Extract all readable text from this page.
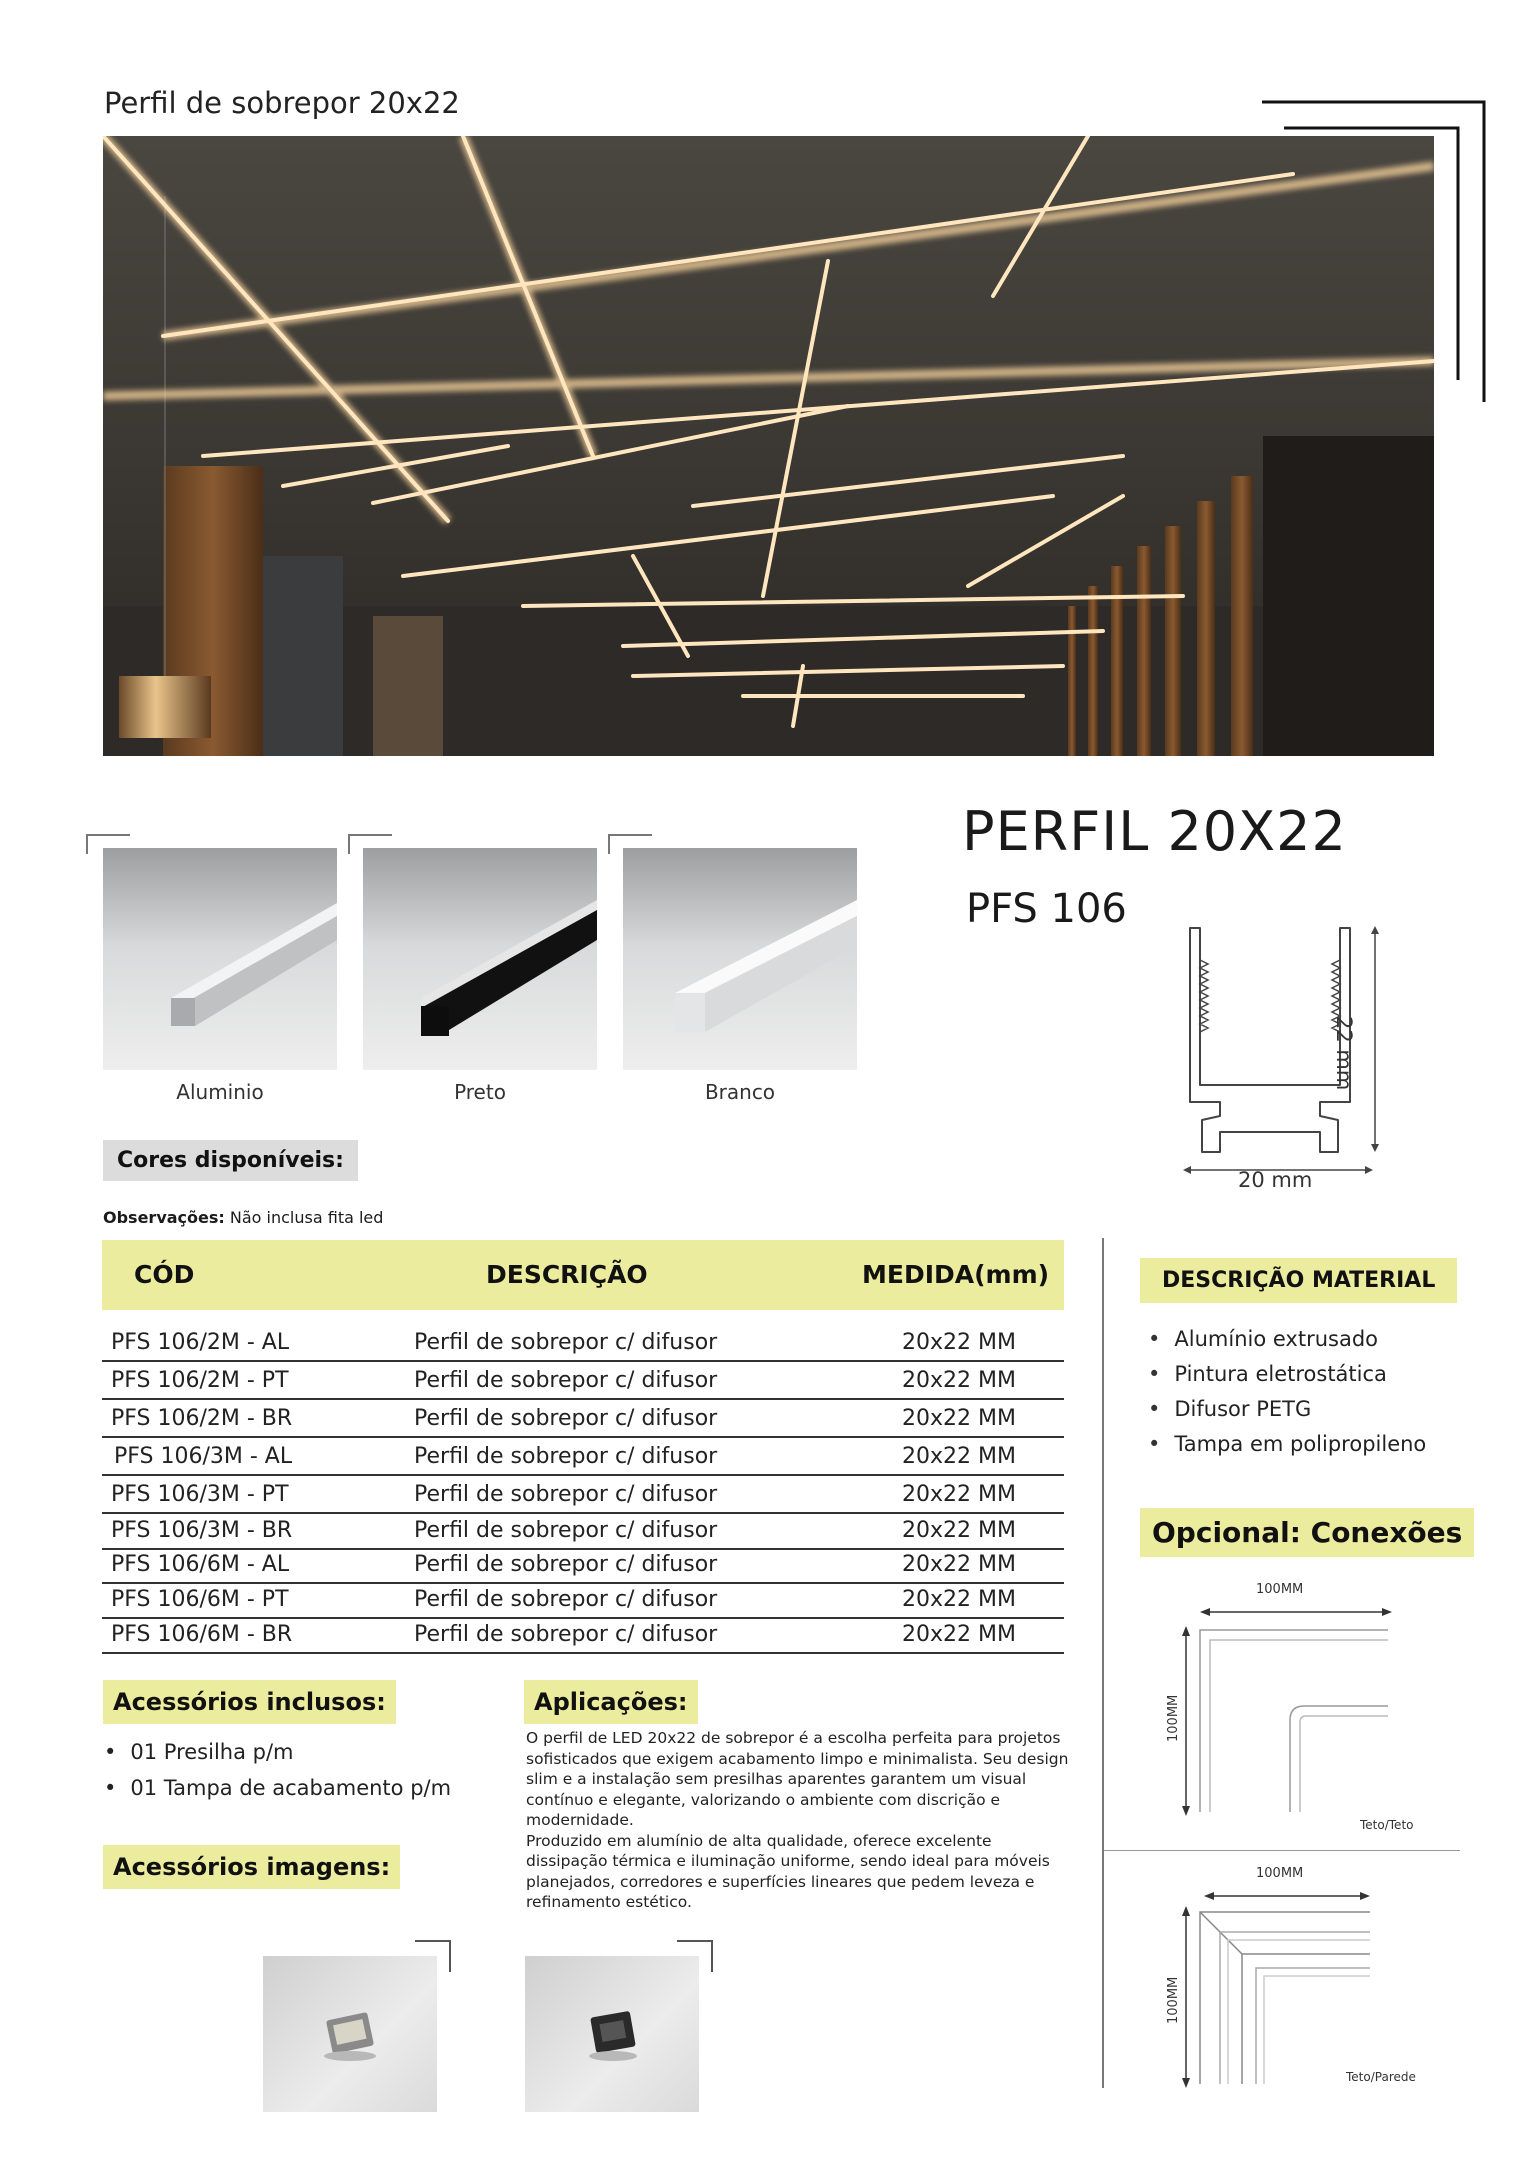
Perfil de sobrepor 20x22
Aluminio	Preto	Branco
PERFIL 20X22
PFS 106
22 mm
20 mm
Cores disponíveis:
Observações: Não inclusa fita led
CÓD	DESCRIÇÃO	MEDIDA(mm)
PFS 106/2M - AL	Perfil de sobrepor c/ difusor	20x22 MM
PFS 106/2M - PT	Perfil de sobrepor c/ difusor	20x22 MM
PFS 106/2M - BR	Perfil de sobrepor c/ difusor	20x22 MM
PFS 106/3M - AL	Perfil de sobrepor c/ difusor	20x22 MM
PFS 106/3M - PT	Perfil de sobrepor c/ difusor	20x22 MM
PFS 106/3M - BR	Perfil de sobrepor c/ difusor	20x22 MM
PFS 106/6M - AL	Perfil de sobrepor c/ difusor	20x22 MM
PFS 106/6M - PT	Perfil de sobrepor c/ difusor	20x22 MM
PFS 106/6M - BR	Perfil de sobrepor c/ difusor	20x22 MM
DESCRIÇÃO MATERIAL
• Alumínio extrusado
• Pintura eletrostática
• Difusor PETG
• Tampa em polipropileno
Opcional: Conexões
100MM
100MM
Teto/Teto
100MM
100MM
Teto/Parede
Acessórios inclusos:
• 01 Presilha p/m
• 01 Tampa de acabamento p/m
Acessórios imagens:
Aplicações:
O perfil de LED 20x22 de sobrepor é a escolha perfeita para projetos sofisticados que exigem acabamento limpo e minimalista. Seu design slim e a instalação sem presilhas aparentes garantem um visual contínuo e elegante, valorizando o ambiente com discrição e modernidade.
Produzido em alumínio de alta qualidade, oferece excelente dissipação térmica e iluminação uniforme, sendo ideal para móveis planejados, corredores e superfícies lineares que pedem leveza e refinamento estético.
